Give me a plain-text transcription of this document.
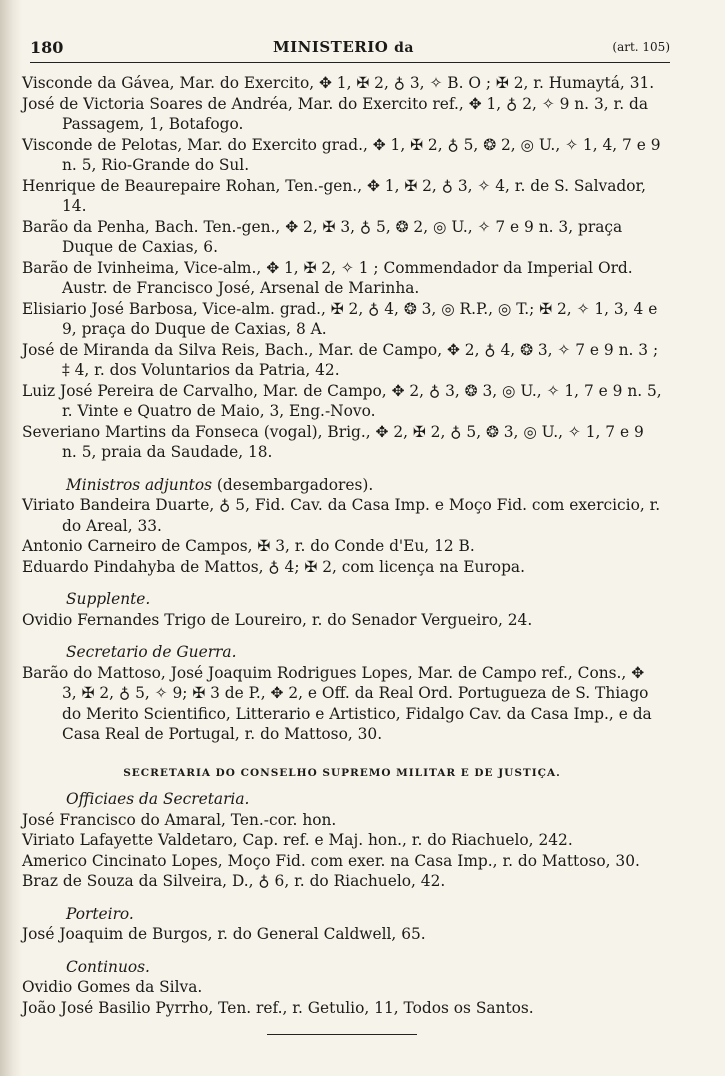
180	MINISTERIO da	(art. 105)

Visconde da Gávea, Mar. do Exercito, ✥ 1, ✠ 2, ♁ 3, ✧ B. O ; ✠ 2, r. Humaytá, 31.

José de Victoria Soares de Andréa, Mar. do Exercito ref., ✥ 1, ♁ 2, ✧ 9 n. 3, r. da Passagem, 1, Botafogo.

Visconde de Pelotas, Mar. do Exercito grad., ✥ 1, ✠ 2, ♁ 5, ❂ 2, ◎ U., ✧ 1, 4, 7 e 9 n. 5, Rio-Grande do Sul.

Henrique de Beaurepaire Rohan, Ten.-gen., ✥ 1, ✠ 2, ♁ 3, ✧ 4, r. de S. Salvador, 14.

Barão da Penha, Bach. Ten.-gen., ✥ 2, ✠ 3, ♁ 5, ❂ 2, ◎ U., ✧ 7 e 9 n. 3, praça Duque de Caxias, 6.

Barão de Ivinheima, Vice-alm., ✥ 1, ✠ 2, ✧ 1 ; Commendador da Imperial Ord. Austr. de Francisco José, Arsenal de Marinha.

Elisiario José Barbosa, Vice-alm. grad., ✠ 2, ♁ 4, ❂ 3, ◎ R.P., ◎ T.; ✠ 2, ✧ 1, 3, 4 e 9, praça do Duque de Caxias, 8 A.

José de Miranda da Silva Reis, Bach., Mar. de Campo, ✥ 2, ♁ 4, ❂ 3, ✧ 7 e 9 n. 3 ; ‡ 4, r. dos Voluntarios da Patria, 42.

Luiz José Pereira de Carvalho, Mar. de Campo, ✥ 2, ♁ 3, ❂ 3, ◎ U., ✧ 1, 7 e 9 n. 5, r. Vinte e Quatro de Maio, 3, Eng.-Novo.

Severiano Martins da Fonseca (vogal), Brig., ✥ 2, ✠ 2, ♁ 5, ❂ 3, ◎ U., ✧ 1, 7 e 9 n. 5, praia da Saudade, 18.

Ministros adjuntos (desembargadores).

Viriato Bandeira Duarte, ♁ 5, Fid. Cav. da Casa Imp. e Moço Fid. com exercicio, r. do Areal, 33.

Antonio Carneiro de Campos, ✠ 3, r. do Conde d'Eu, 12 B.

Eduardo Pindahyba de Mattos, ♁ 4; ✠ 2, com licença na Europa.

Supplente.

Ovidio Fernandes Trigo de Loureiro, r. do Senador Vergueiro, 24.

Secretario de Guerra.

Barão do Mattoso, José Joaquim Rodrigues Lopes, Mar. de Campo ref., Cons., ✥ 3, ✠ 2, ♁ 5, ✧ 9; ✠ 3 de P., ✥ 2, e Off. da Real Ord. Portugueza de S. Thiago do Merito Scientifico, Litterario e Artistico, Fidalgo Cav. da Casa Imp., e da Casa Real de Portugal, r. do Mattoso, 30.

SECRETARIA DO CONSELHO SUPREMO MILITAR E DE JUSTIÇA.

Officiaes da Secretaria.

José Francisco do Amaral, Ten.-cor. hon.

Viriato Lafayette Valdetaro, Cap. ref. e Maj. hon., r. do Riachuelo, 242.

Americo Cincinato Lopes, Moço Fid. com exer. na Casa Imp., r. do Mattoso, 30.

Braz de Souza da Silveira, D., ♁ 6, r. do Riachuelo, 42.

Porteiro.

José Joaquim de Burgos, r. do General Caldwell, 65.

Continuos.

Ovidio Gomes da Silva.

João José Basilio Pyrrho, Ten. ref., r. Getulio, 11, Todos os Santos.
